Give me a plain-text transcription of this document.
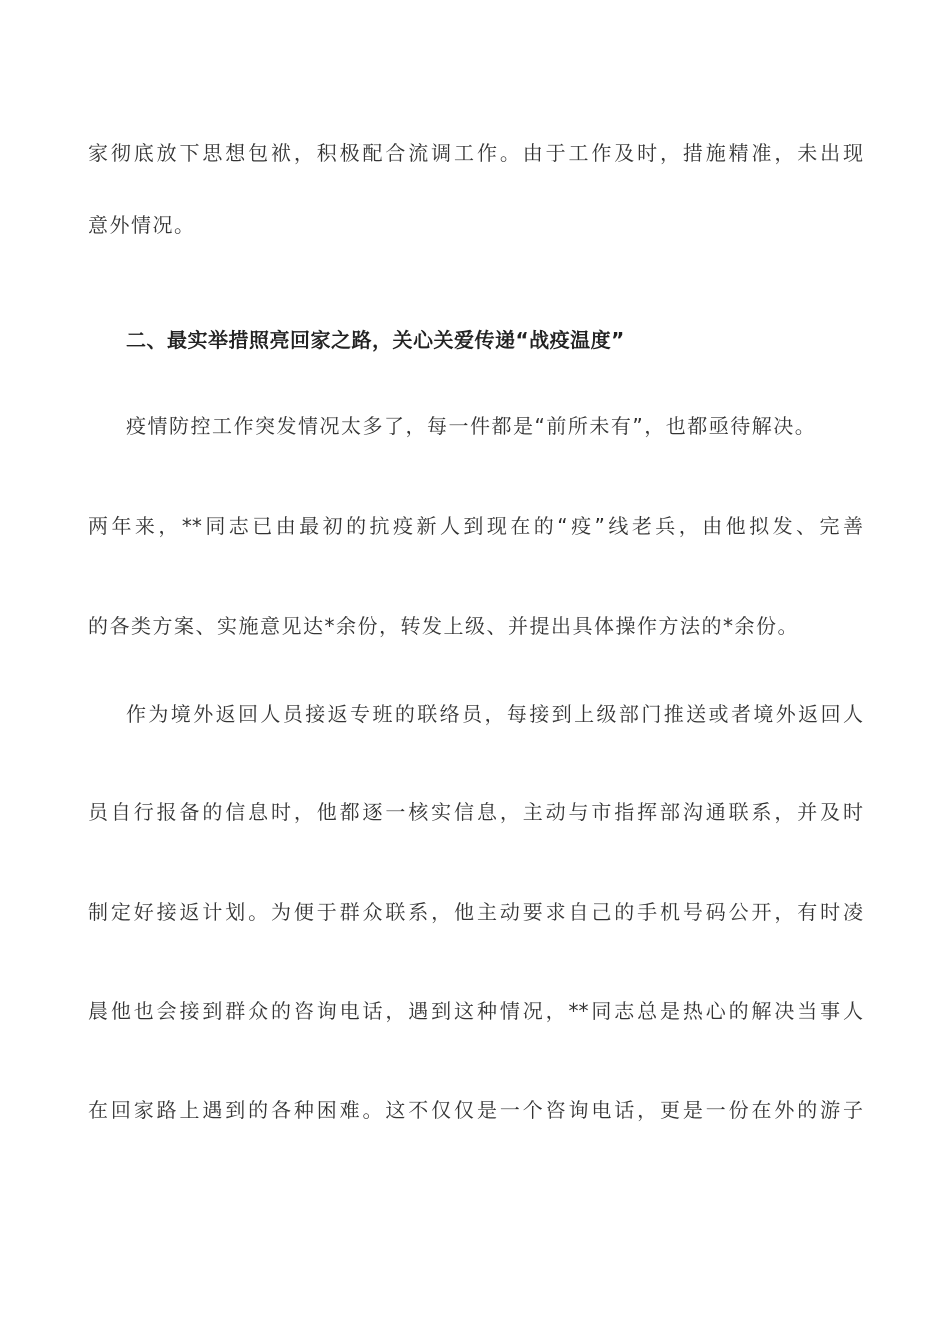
家彻底放下思想包袱，积极配合流调工作。由于工作及时，措施精准，未出现
意外情况。
二、最实举措照亮回家之路，关心关爱传递“战疫温度”
疫情防控工作突发情况太多了，每一件都是“前所未有”，也都亟待解决。
两年来，**同志已由最初的抗疫新人到现在的“疫”线老兵，由他拟发、完善
的各类方案、实施意见达*余份，转发上级、并提出具体操作方法的*余份。
作为境外返回人员接返专班的联络员，每接到上级部门推送或者境外返回人
员自行报备的信息时，他都逐一核实信息，主动与市指挥部沟通联系，并及时
制定好接返计划。为便于群众联系，他主动要求自己的手机号码公开，有时凌
晨他也会接到群众的咨询电话，遇到这种情况，**同志总是热心的解决当事人
在回家路上遇到的各种困难。这不仅仅是一个咨询电话，更是一份在外的游子
